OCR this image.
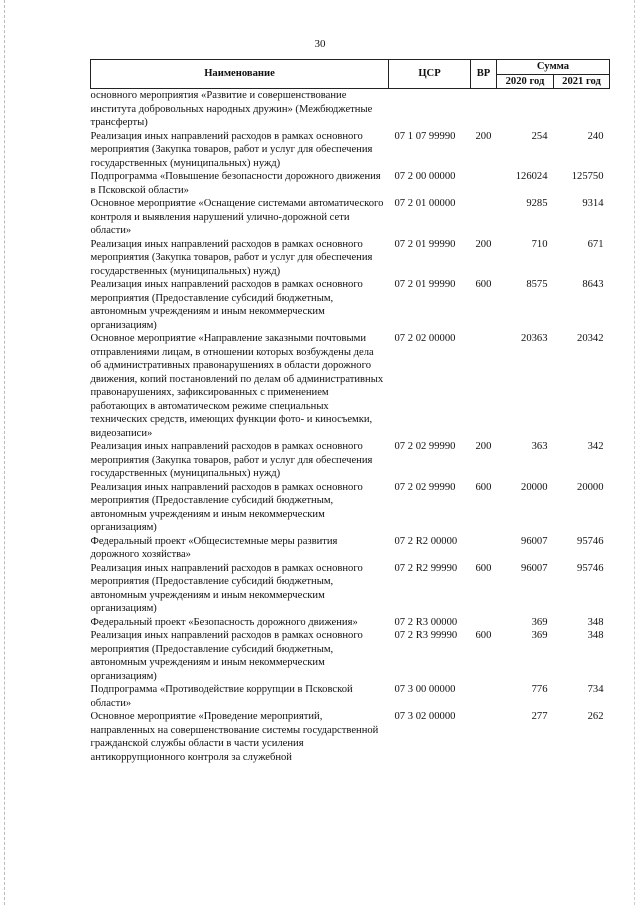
30
Наименование	ЦСР	ВР	Сумма	
			2020 год	2021 год
основного мероприятия «Развитие и совершенствование института добровольных народных дружин» (Межбюджетные трансферты)				
Реализация иных направлений расходов в рамках основного мероприятия (Закупка товаров, работ и услуг для обеспечения государственных (муниципальных) нужд)	07 1 07 99990	200	254	240
Подпрограмма «Повышение безопасности дорожного движения в Псковской области»	07 2 00 00000		126024	125750
Основное мероприятие «Оснащение системами автоматического контроля и выявления нарушений улично-дорожной сети области»	07 2 01 00000		9285	9314
Реализация иных направлений расходов в рамках основного мероприятия (Закупка товаров, работ и услуг для обеспечения государственных (муниципальных) нужд)	07 2 01 99990	200	710	671
Реализация иных направлений расходов в рамках основного мероприятия (Предоставление субсидий бюджетным, автономным учреждениям и иным некоммерческим организациям)	07 2 01 99990	600	8575	8643
Основное мероприятие «Направление заказными почтовыми отправлениями лицам, в отношении которых возбуждены дела об административных правонарушениях в области дорожного движения, копий постановлений по делам об административных правонарушениях, зафиксированных с применением работающих в автоматическом режиме специальных технических средств, имеющих функции фото- и киносъемки, видеозаписи»	07 2 02 00000		20363	20342
Реализация иных направлений расходов в рамках основного мероприятия (Закупка товаров, работ и услуг для обеспечения государственных (муниципальных) нужд)	07 2 02 99990	200	363	342
Реализация иных направлений расходов в рамках основного мероприятия (Предоставление субсидий бюджетным, автономным учреждениям и иным некоммерческим организациям)	07 2 02 99990	600	20000	20000
Федеральный проект «Общесистемные меры развития дорожного хозяйства»	07 2 R2 00000		96007	95746
Реализация иных направлений расходов в рамках основного мероприятия (Предоставление субсидий бюджетным, автономным учреждениям и иным некоммерческим организациям)	07 2 R2 99990	600	96007	95746
Федеральный проект «Безопасность дорожного движения»	07 2 R3 00000		369	348
Реализация иных направлений расходов в рамках основного мероприятия (Предоставление субсидий бюджетным, автономным учреждениям и иным некоммерческим организациям)	07 2 R3 99990	600	369	348
Подпрограмма «Противодействие коррупции в Псковской области»	07 3 00 00000		776	734
Основное мероприятие «Проведение мероприятий, направленных на совершенствование системы государственной гражданской службы области в части усиления антикоррупционного контроля за служебной	07 3 02 00000		277	262
